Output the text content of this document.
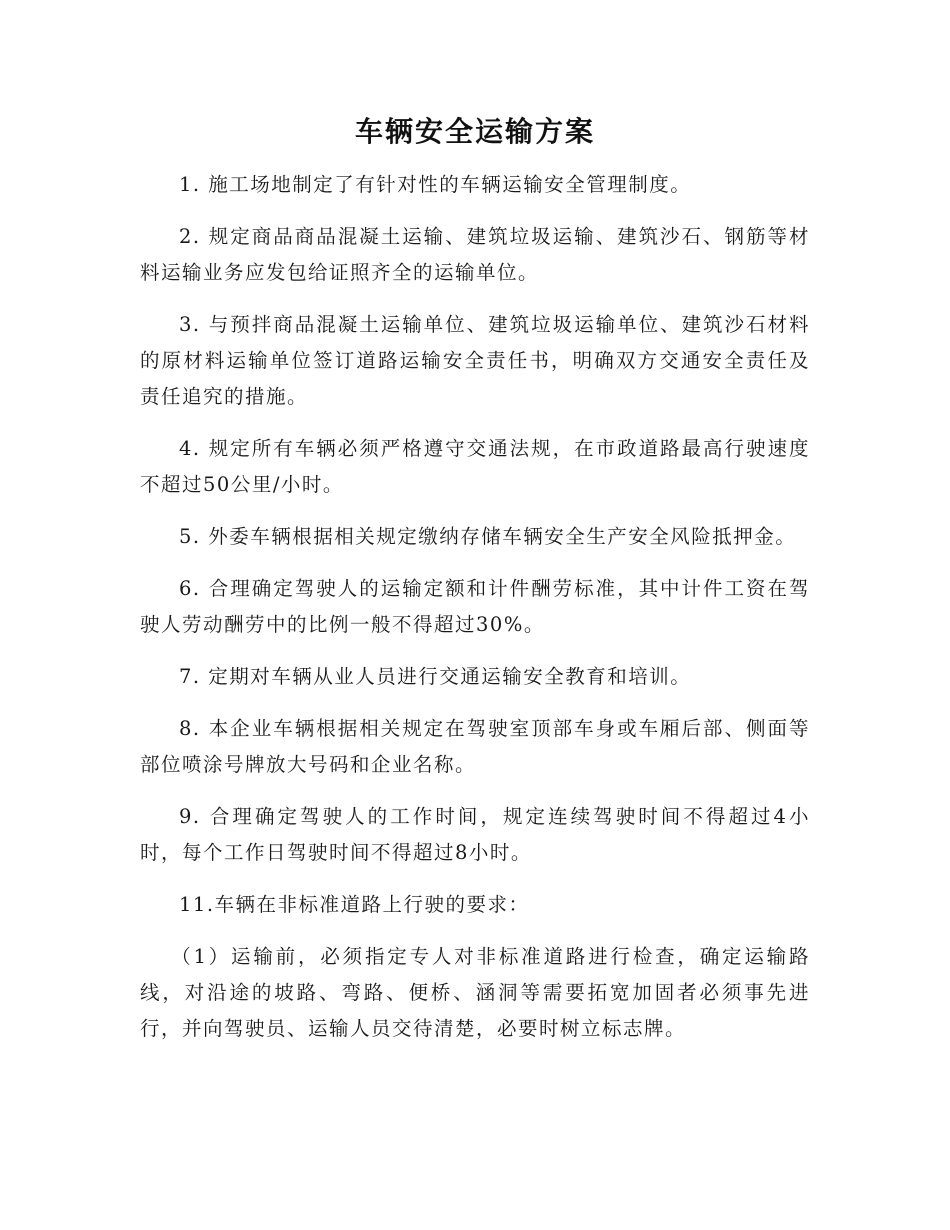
车辆安全运输方案

1. 施工场地制定了有针对性的车辆运输安全管理制度。

2. 规定商品商品混凝土运输、建筑垃圾运输、建筑沙石、钢筋等材料运输业务应发包给证照齐全的运输单位。

3. 与预拌商品混凝土运输单位、建筑垃圾运输单位、建筑沙石材料的原材料运输单位签订道路运输安全责任书，明确双方交通安全责任及责任追究的措施。

4. 规定所有车辆必须严格遵守交通法规，在市政道路最高行驶速度不超过50公里/小时。

5. 外委车辆根据相关规定缴纳存储车辆安全生产安全风险抵押金。

6. 合理确定驾驶人的运输定额和计件酬劳标准，其中计件工资在驾驶人劳动酬劳中的比例一般不得超过30%。

7. 定期对车辆从业人员进行交通运输安全教育和培训。

8. 本企业车辆根据相关规定在驾驶室顶部车身或车厢后部、侧面等部位喷涂号牌放大号码和企业名称。

9. 合理确定驾驶人的工作时间，规定连续驾驶时间不得超过4小时，每个工作日驾驶时间不得超过8小时。

11.车辆在非标准道路上行驶的要求：

（1）运输前，必须指定专人对非标准道路进行检查，确定运输路线，对沿途的坡路、弯路、便桥、涵洞等需要拓宽加固者必须事先进行，并向驾驶员、运输人员交待清楚，必要时树立标志牌。
